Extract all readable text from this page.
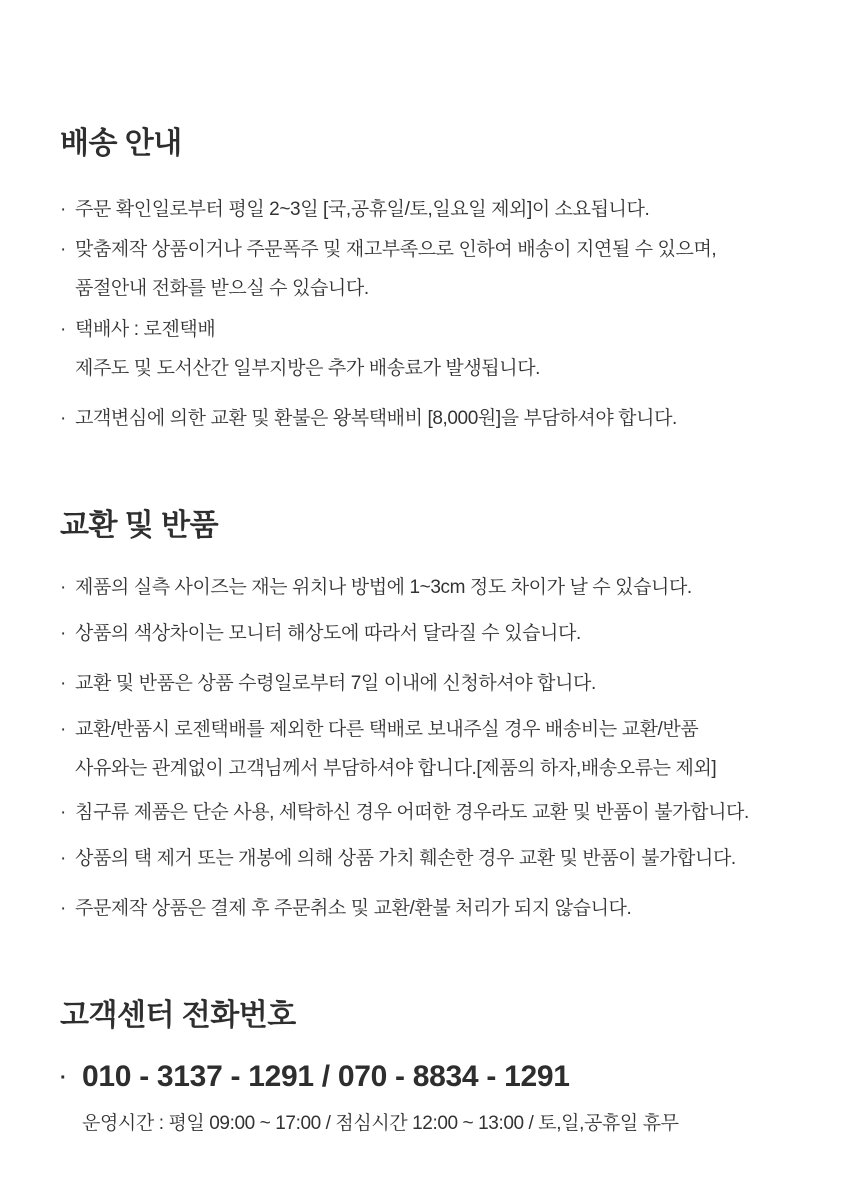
배송 안내
· 주문 확인일로부터 평일 2~3일 [국,공휴일/토,일요일 제외]이 소요됩니다.
· 맞춤제작 상품이거나 주문폭주 및 재고부족으로 인하여 배송이 지연될 수 있으며,
품절안내 전화를 받으실 수 있습니다.
· 택배사 : 로젠택배
제주도 및 도서산간 일부지방은 추가 배송료가 발생됩니다.
· 고객변심에 의한 교환 및 환불은 왕복택배비 [8,000원]을 부담하셔야 합니다.
교환 및 반품
· 제품의 실측 사이즈는 재는 위치나 방법에 1~3cm 정도 차이가 날 수 있습니다.
· 상품의 색상차이는 모니터 해상도에 따라서 달라질 수 있습니다.
· 교환 및 반품은 상품 수령일로부터 7일 이내에 신청하셔야 합니다.
· 교환/반품시 로젠택배를 제외한 다른 택배로 보내주실 경우 배송비는 교환/반품
사유와는 관계없이 고객님께서 부담하셔야 합니다.[제품의 하자,배송오류는 제외]
· 침구류 제품은 단순 사용, 세탁하신 경우 어떠한 경우라도 교환 및 반품이 불가합니다.
· 상품의 택 제거 또는 개봉에 의해 상품 가치 훼손한 경우 교환 및 반품이 불가합니다.
· 주문제작 상품은 결제 후 주문취소 및 교환/환불 처리가 되지 않습니다.
고객센터 전화번호
· 010 - 3137 - 1291 / 070 - 8834 - 1291
운영시간 : 평일 09:00 ~ 17:00 / 점심시간 12:00 ~ 13:00 / 토,일,공휴일 휴무
